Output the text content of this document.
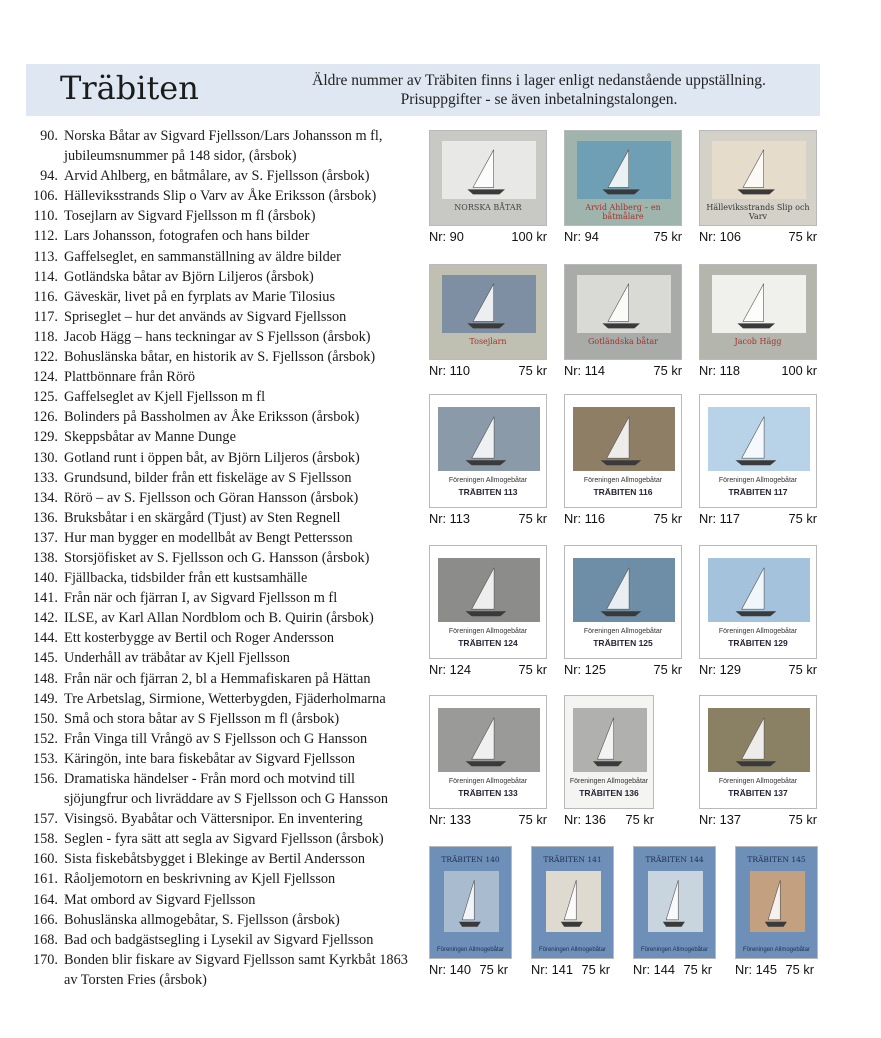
Träbiten	Äldre nummer av Träbiten finns i lager enligt nedanstående uppställning.
Prisuppgifter - se även inbetalningstalongen.
90. Norska Båtar av Sigvard Fjellsson/Lars Johansson m fl, jubileumsnummer på 148 sidor, (årsbok)
94. Arvid Ahlberg, en båtmålare, av S. Fjellsson (årsbok)
106. Hälleviksstrands Slip o Varv av Åke Eriksson (årsbok)
110. Tosejlarn av Sigvard Fjellsson m fl (årsbok)
112. Lars Johansson, fotografen och hans bilder
113. Gaffelseglet, en sammanställning av äldre bilder
114. Gotländska båtar av Björn Liljeros (årsbok)
116. Gäveskär, livet på en fyrplats av Marie Tilosius
117. Spriseglet – hur det används av Sigvard Fjellsson
118. Jacob Hägg – hans teckningar av S Fjellsson (årsbok)
122. Bohuslänska båtar, en historik av S. Fjellsson (årsbok)
124. Plattbönnare från Rörö
125. Gaffelseglet av Kjell Fjellsson m fl
126. Bolinders på Bassholmen av Åke Eriksson (årsbok)
129. Skeppsbåtar av Manne Dunge
130. Gotland runt i öppen båt, av Björn Liljeros (årsbok)
133. Grundsund, bilder från ett fiskeläge av S Fjellsson
134. Rörö – av S. Fjellsson och Göran Hansson (årsbok)
136. Bruksbåtar i en skärgård (Tjust) av Sten Regnell
137. Hur man bygger en modellbåt av Bengt Pettersson
138. Storsjöfisket av S. Fjellsson och G. Hansson (årsbok)
140. Fjällbacka, tidsbilder från ett kustsamhälle
141. Från när och fjärran I, av Sigvard Fjellsson m fl
142. ILSE, av Karl Allan Nordblom och B. Quirin (årsbok)
144. Ett kosterbygge av Bertil och Roger Andersson
145. Underhåll av träbåtar av Kjell Fjellsson
148. Från när och fjärran 2, bl a Hemmafiskaren på Hättan
149. Tre Arbetslag, Sirmione, Wetterbygden, Fjäderholmarna
150. Små och stora båtar av S Fjellsson m fl (årsbok)
152. Från Vinga till Vrångö av S Fjellsson och G Hansson
153. Käringön, inte bara fiskebåtar av Sigvard Fjellsson
156. Dramatiska händelser - Från mord och motvind till sjöjungfrur och livräddare av S Fjellsson och G Hansson
157. Visingsö. Byabåtar och Vättersnipor. En inventering
158. Seglen - fyra sätt att segla av Sigvard Fjellsson (årsbok)
160. Sista fiskebåtsbygget i Blekinge av Bertil Andersson
161. Råoljemotorn en beskrivning av Kjell Fjellsson
164. Mat ombord av Sigvard Fjellsson
166. Bohuslänska allmogebåtar, S. Fjellsson (årsbok)
168. Bad och badgästsegling i Lysekil av Sigvard Fjellsson
170. Bonden blir fiskare av Sigvard Fjellsson samt Kyrkbåt 1863 av Torsten Fries (årsbok)
NORSKA BÅTAR
Nr: 90	100 kr
Arvid Ahlberg – en båtmålare
Nr: 94	75 kr
Hälleviksstrands Slip och Varv
Nr: 106	75 kr
Tosejlarn
Nr: 110	75 kr
Gotländska båtar
Nr: 114	75 kr
Jacob Hägg
Nr: 118	100 kr
TRÄBITEN 113
Föreningen Allmogebåtar
Nr: 113	75 kr
TRÄBITEN 116
Föreningen Allmogebåtar
Nr: 116	75 kr
TRÄBITEN 117
Föreningen Allmogebåtar
Nr: 117	75 kr
TRÄBITEN 124
Föreningen Allmogebåtar
Nr: 124	75 kr
TRÄBITEN 125
Föreningen Allmogebåtar
Nr: 125	75 kr
TRÄBITEN 129
Föreningen Allmogebåtar
Nr: 129	75 kr
TRÄBITEN 133
Föreningen Allmogebåtar
Nr: 133	75 kr
TRÄBITEN 136
Föreningen Allmogebåtar
Nr: 136 75 kr
TRÄBITEN 137
Föreningen Allmogebåtar
Nr: 137	75 kr
TRÄBITEN 140
Föreningen Allmogebåtar
Nr: 140 75 kr
TRÄBITEN 141
Föreningen Allmogebåtar
Nr: 141 75 kr
TRÄBITEN 144
Föreningen Allmogebåtar
Nr: 144 75 kr
TRÄBITEN 145
Föreningen Allmogebåtar
Nr: 145 75 kr
